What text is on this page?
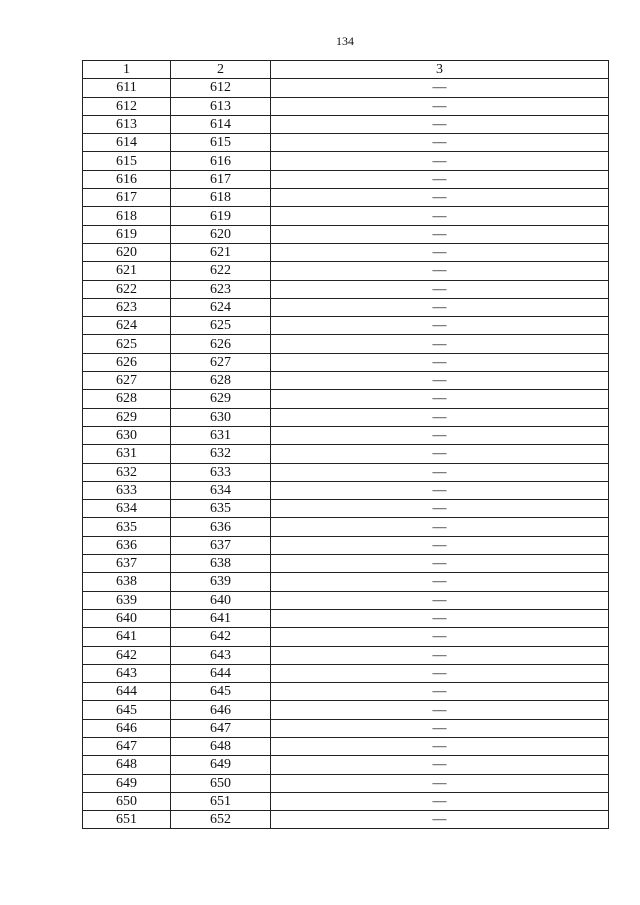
134
1	2	3
611	612	—
612	613	—
613	614	—
614	615	—
615	616	—
616	617	—
617	618	—
618	619	—
619	620	—
620	621	—
621	622	—
622	623	—
623	624	—
624	625	—
625	626	—
626	627	—
627	628	—
628	629	—
629	630	—
630	631	—
631	632	—
632	633	—
633	634	—
634	635	—
635	636	—
636	637	—
637	638	—
638	639	—
639	640	—
640	641	—
641	642	—
642	643	—
643	644	—
644	645	—
645	646	—
646	647	—
647	648	—
648	649	—
649	650	—
650	651	—
651	652	—
